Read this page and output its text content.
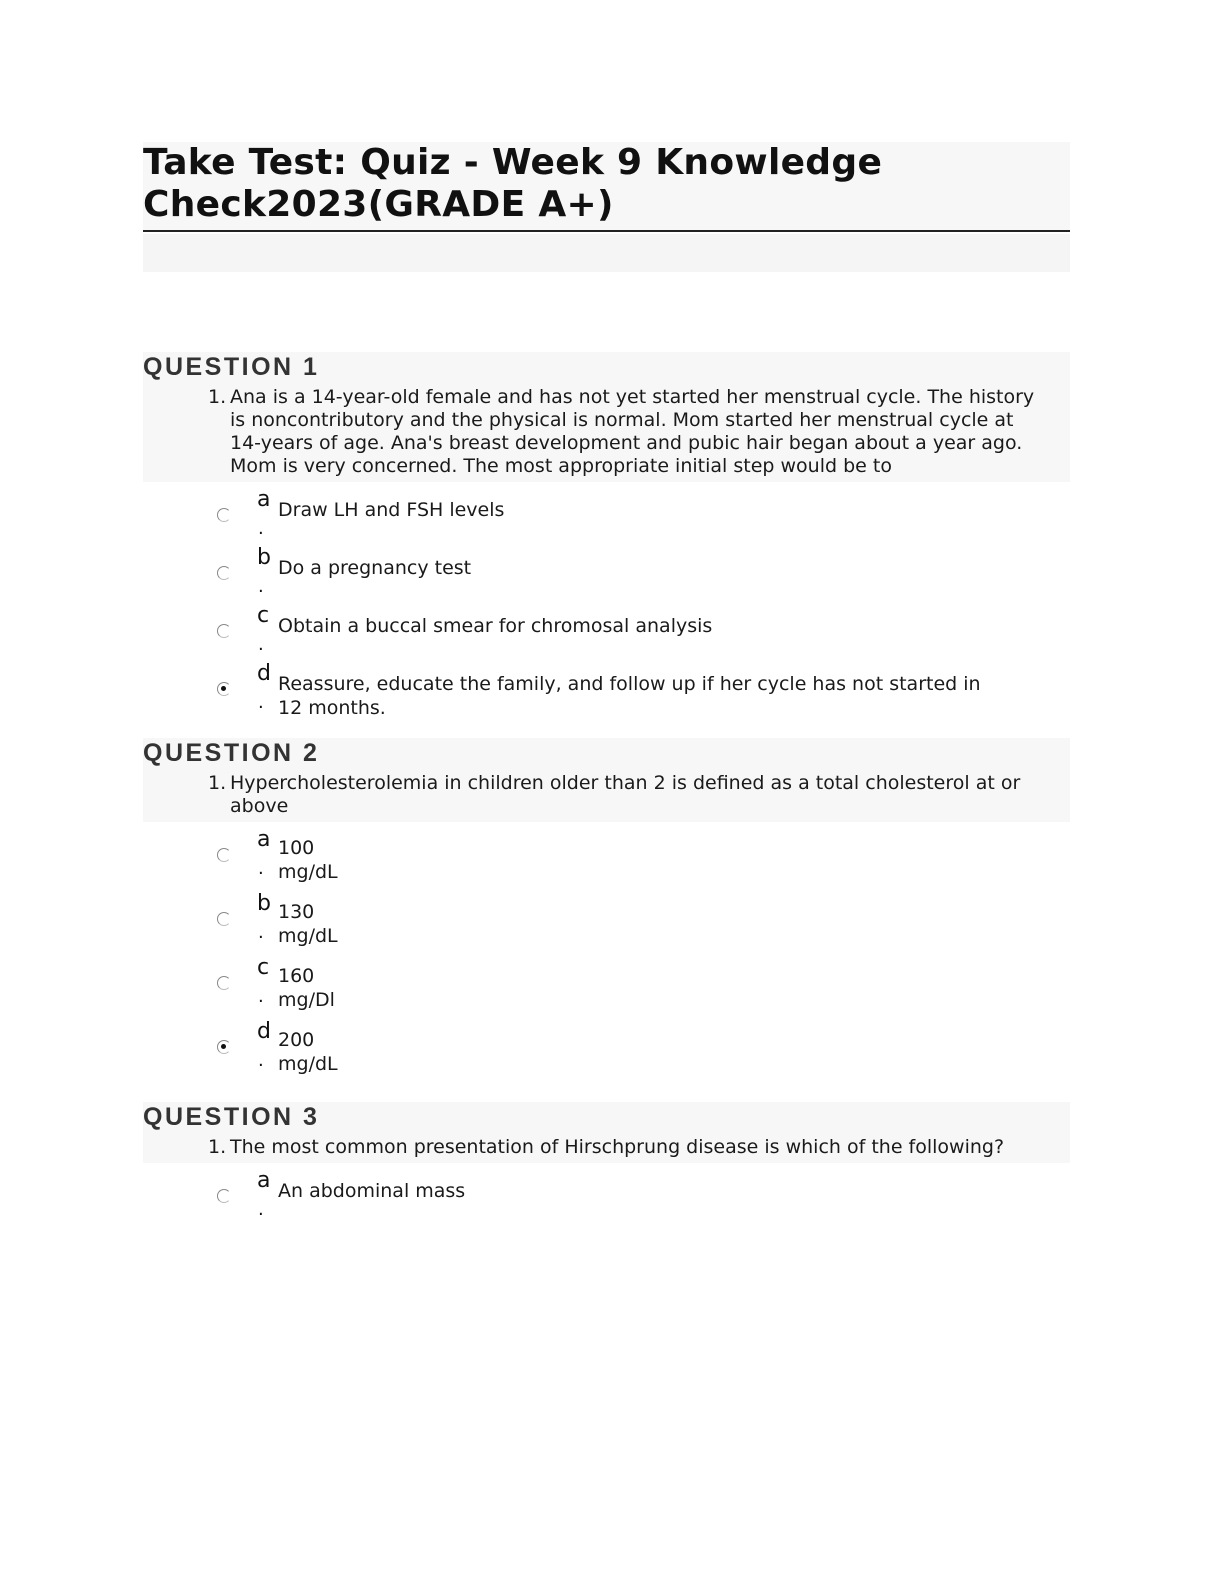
Take Test: Quiz - Week 9 Knowledge Check2023(GRADE A+)
QUESTION 1
1. Ana is a 14-year-old female and has not yet started her menstrual cycle. The history is noncontributory and the physical is normal. Mom started her menstrual cycle at 14-years of age. Ana's breast development and pubic hair began about a year ago. Mom is very concerned. The most appropriate initial step would be to
a
.
Draw LH and FSH levels
b
.
Do a pregnancy test
c
.
Obtain a buccal smear for chromosal analysis
d
.
Reassure, educate the family, and follow up if her cycle has not started in 12 months.
QUESTION 2
1. Hypercholesterolemia in children older than 2 is defined as a total cholesterol at or above
a
.
100 mg/dL
b
.
130 mg/dL
c
.
160 mg/Dl
d
.
200 mg/dL
QUESTION 3
1. The most common presentation of Hirschprung disease is which of the following?
a
.
An abdominal mass
